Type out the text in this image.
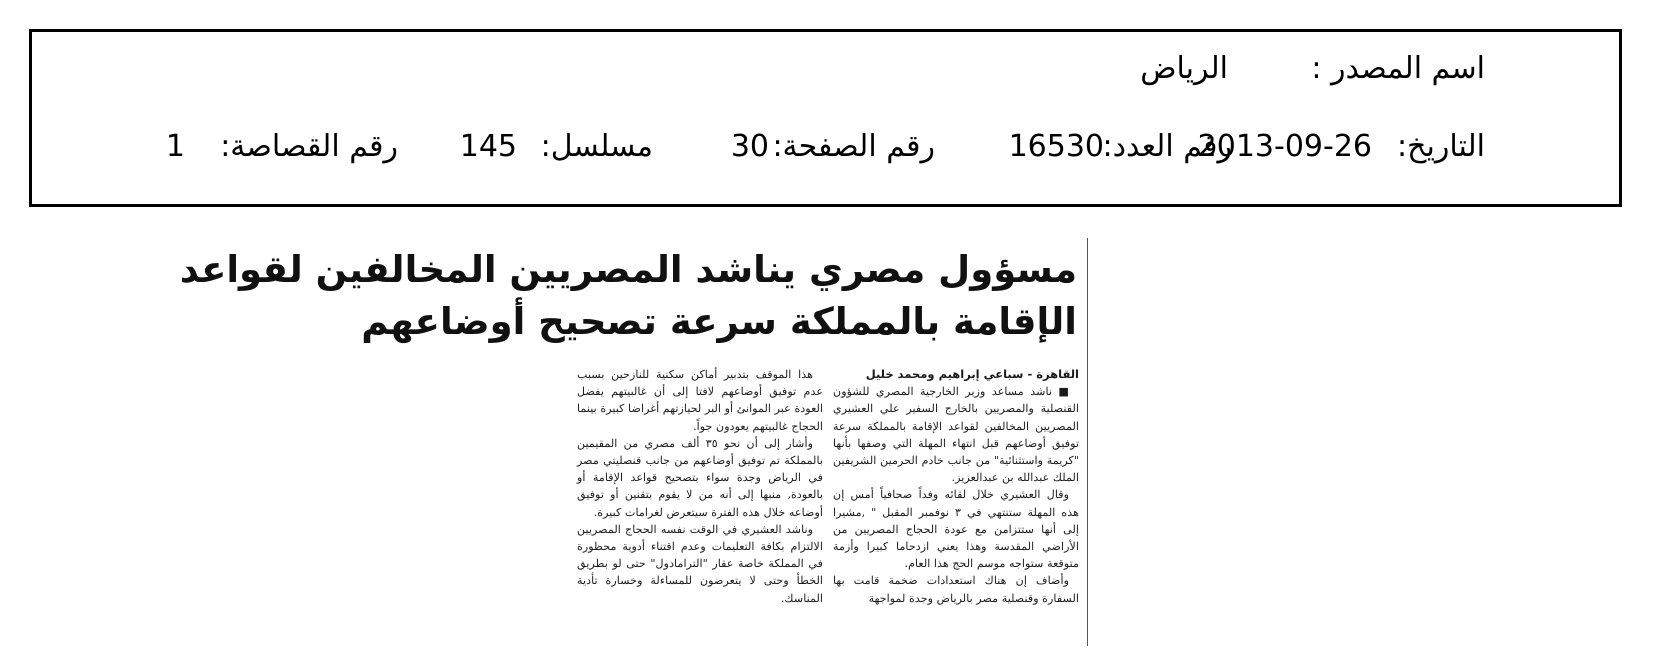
اسم المصدر :
الرياض
التاريخ:
2013-09-26
رقم العدد:
16530
رقم الصفحة:
30
مسلسل:
145
رقم القصاصة:
1
مسؤول مصري يناشد المصريين المخالفين لقواعد
الإقامة بالمملكة سرعة تصحيح أوضاعهم

القاهرة - سباعي إبراهيم ومحمد خليل

■ ناشد مساعد وزير الخارجية المصري للشؤون القنصلية والمصريين بالخارج السفير علي العشيري المصريين المخالفين لقواعد الإقامة بالمملكة سرعة توفيق أوضاعهم قبل انتهاء المهلة التي وصفها بأنها "كريمة واستثنائية" من جانب خادم الحرمين الشريفين الملك عبدالله بن عبدالعزيز.

وقال العشيري خلال لقائه وفداً صحافياً أمس إن هذه المهلة ستنتهي في ٣ نوفمبر المقبل " ,مشيرا إلى أنها ستتزامن مع عودة الحجاج المصريين من الأراضي المقدسة وهذا يعني ازدحاما كبيرا وأزمة متوقعة ستواجه موسم الحج هذا العام.

وأضاف إن هناك استعدادات ضخمة قامت بها السفارة وقنصلية مصر بالرياض وجدة لمواجهة

هذا الموقف بتدبير أماكن سكنية للنازحين بسبب عدم توفيق أوضاعهم لافتا إلى أن غالبيتهم يفضل العودة عبر الموانئ أو البر لحيازتهم أغراضا كبيرة بينما الحجاج غالبيتهم يعودون جواً.

وأشار إلى أن نحو ٣٥ ألف مصري من المقيمين بالمملكة تم توفيق أوضاعهم من جانب قنصليتي مصر في الرياض وجدة سواء بتصحيح قواعد الإقامة أو بالعودة, منبها إلى أنه من لا يقوم بتقنين أو توفيق أوضاعه خلال هذه الفترة سيتعرض لغرامات كبيرة.

وناشد العشيري في الوقت نفسه الحجاج المصريين الالتزام بكافة التعليمات وعدم اقتناء أدوية محظورة في المملكة خاصة عقار "الترامادول" حتى لو بطريق الخطأ وحتى لا يتعرضون للمساءلة وخسارة تأدية المناسك.
